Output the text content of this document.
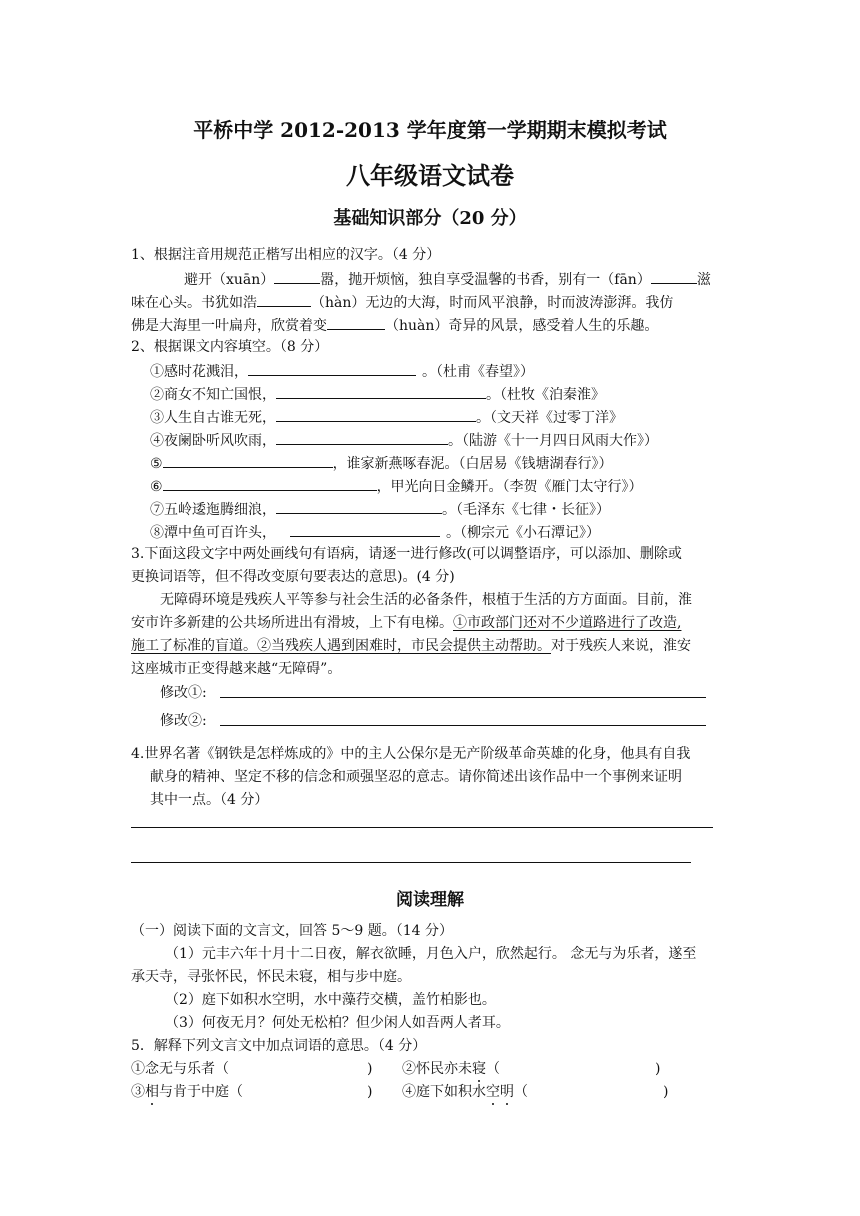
平桥中学 2012-2013 学年度第一学期期末模拟考试
八年级语文试卷
基础知识部分（20 分）
1、根据注音用规范正楷写出相应的汉字。（4 分）
避开（xuān）	嚣，抛开烦恼，独自享受温馨的书香，别有一（fān）	滋
味在心头。书犹如浩	（hàn）无边的大海，时而风平浪静，时而波涛澎湃。我仿
佛是大海里一叶扁舟，欣赏着变	（huàn）奇异的风景，感受着人生的乐趣。
2、根据课文内容填空。（8 分）
①感时花溅泪，	。（杜甫《春望》）
②商女不知亡国恨，	。（杜牧《泊秦淮》
③人生自古谁无死，	。（文天祥《过零丁洋》
④夜阑卧听风吹雨，	。（陆游《十一月四日风雨大作》）
⑤	，谁家新燕啄春泥。（白居易《钱塘湖春行》）
⑥	，甲光向日金鳞开。（李贺《雁门太守行》）
⑦五岭逶迤腾细浪，	。（毛泽东《七律・长征》）
⑧潭中鱼可百许头，	。（柳宗元《小石潭记》）
3.下面这段文字中两处画线句有语病，请逐一进行修改(可以调整语序，可以添加、删除或
更换词语等，但不得改变原句要表达的意思)。(4 分)
无障碍环境是残疾人平等参与社会生活的必备条件，根植于生活的方方面面。目前，淮
安市许多新建的公共场所进出有滑坡，上下有电梯。①市政部门还对不少道路进行了改造,
施工了标准的盲道。②当残疾人遇到困难时，市民会提供主动帮助。对于残疾人来说，淮安
这座城市正变得越来越“无障碍”。
修改①:
修改②:
4.世界名著《钢铁是怎样炼成的》中的主人公保尔是无产阶级革命英雄的化身，他具有自我
献身的精神、坚定不移的信念和顽强坚忍的意志。请你简述出该作品中一个事例来证明
其中一点。（4 分）
阅读理解
（一）阅读下面的文言文，回答 5～9 题。（14 分）
（1）元丰六年十月十二日夜，解衣欲睡，月色入户，欣然起行。 念无与为乐者，遂至
承天寺，寻张怀民，怀民未寝，相与步中庭。
（2）庭下如积水空明，水中藻荇交横，盖竹柏影也。
（3）何夜无月？何处无松柏？但少闲人如吾两人者耳。
5．解释下列文言文中加点词语的意思。（4 分）
①念无与乐者（	) ②怀民亦未寝（	)
③相与肯于中庭（	) ④庭下如积水空明（	)
